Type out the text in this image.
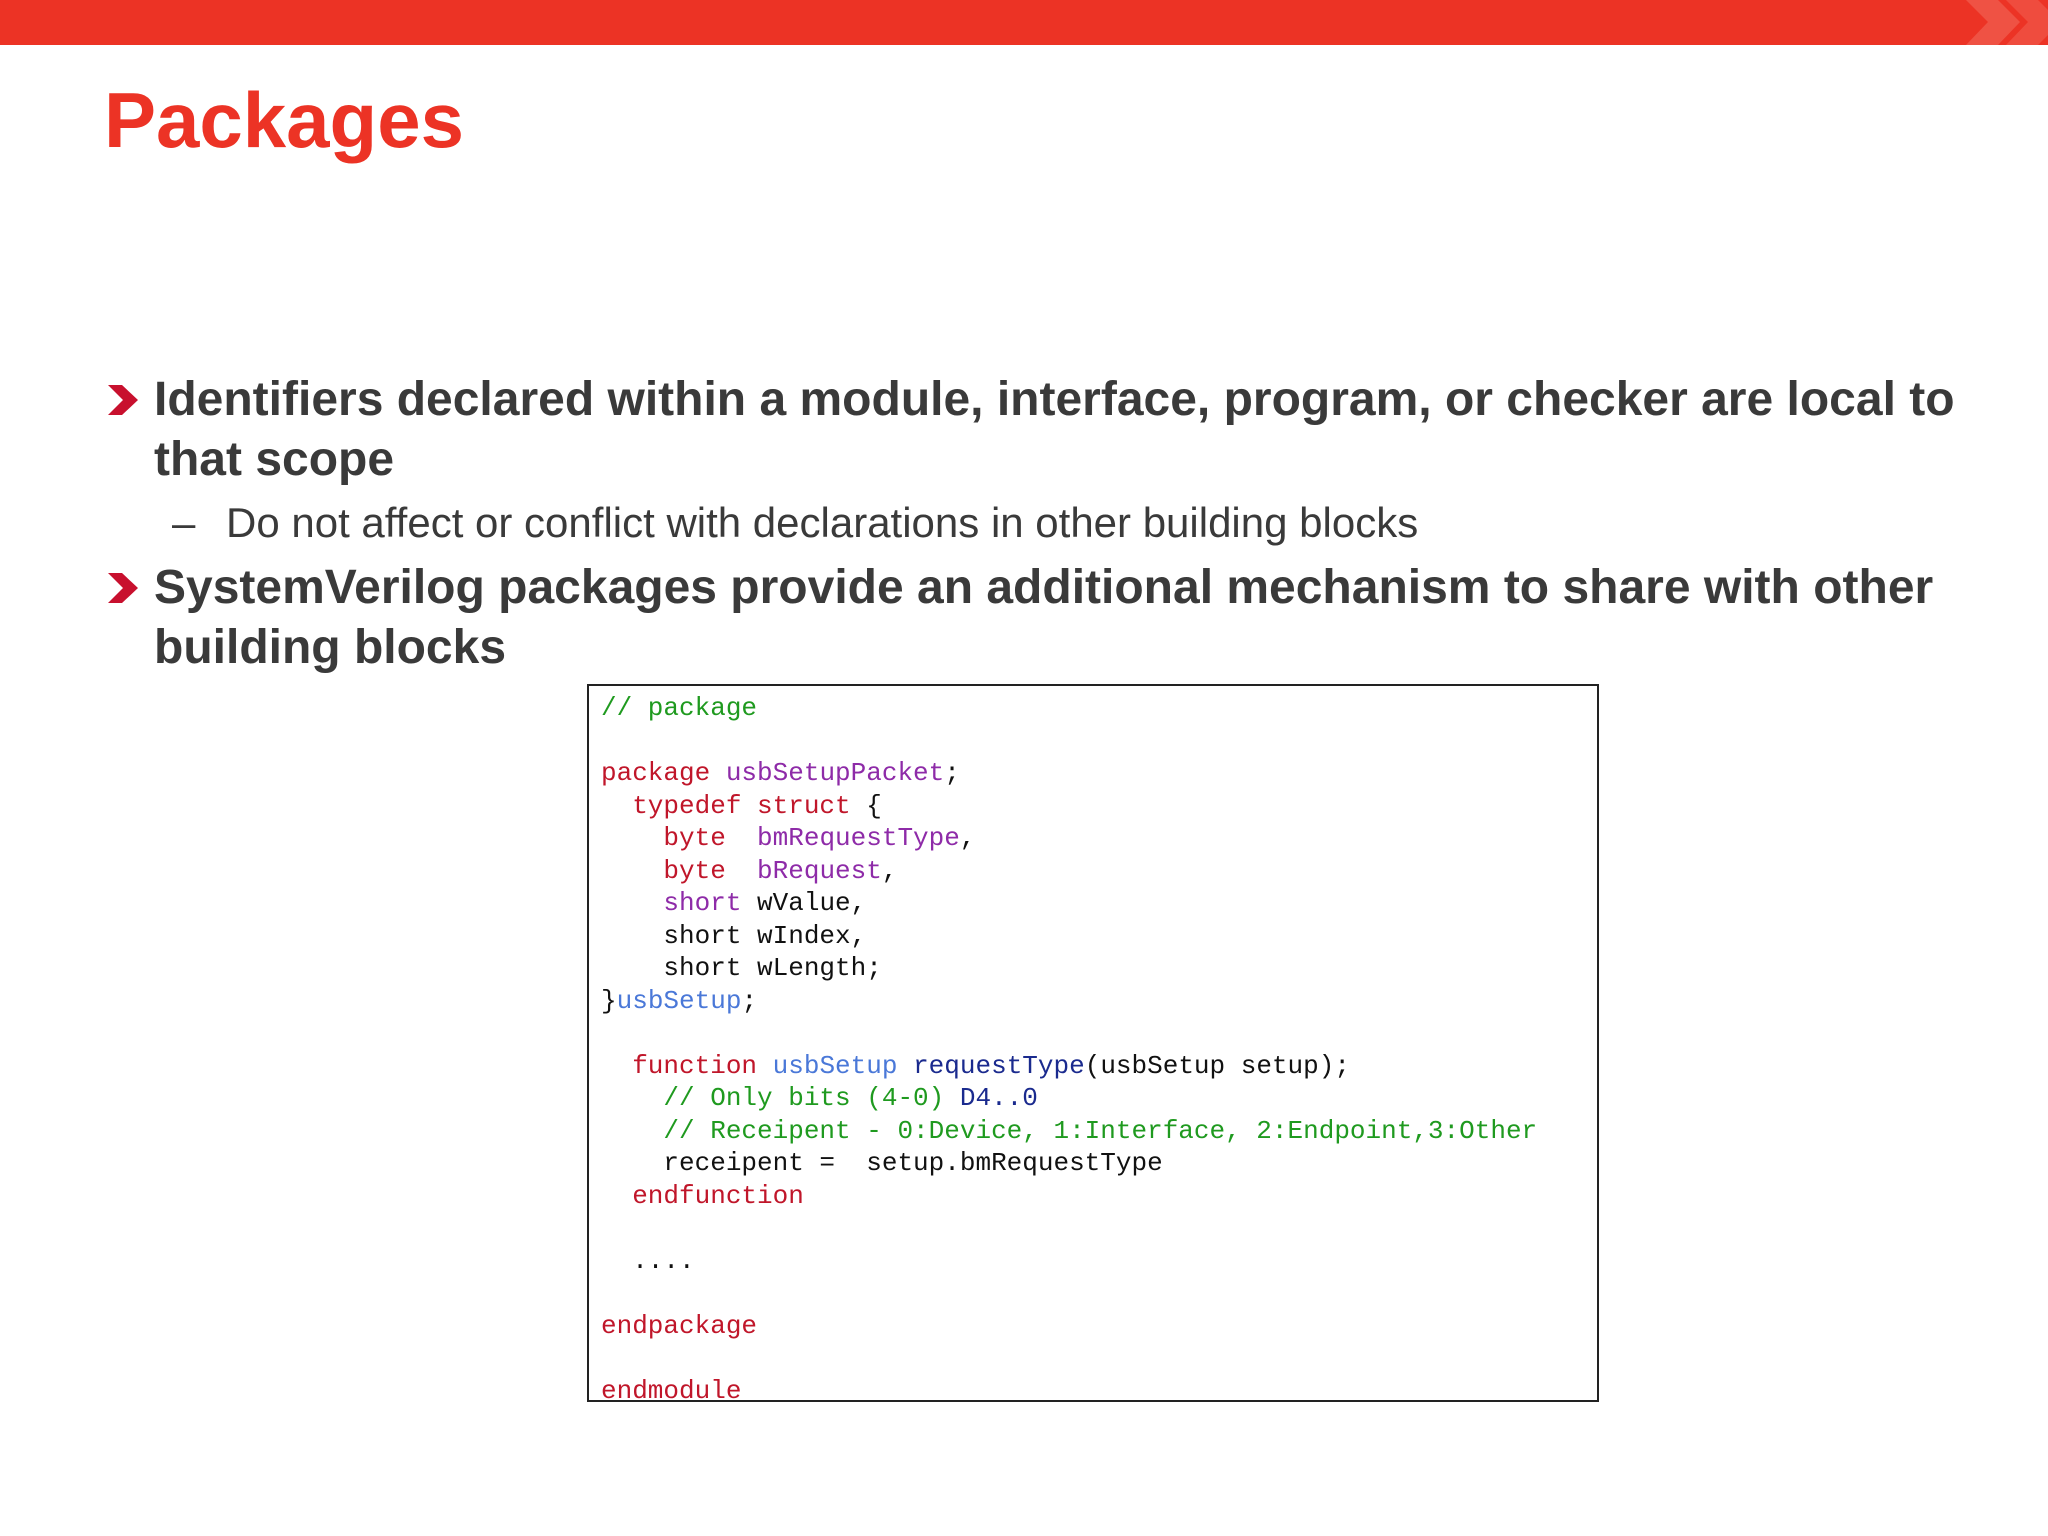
Packages
Identifiers declared within a module, interface, program, or checker are local to that scope
– Do not affect or conflict with declarations in other building blocks
SystemVerilog packages provide an additional mechanism to share with other building blocks
// package
package usbSetupPacket;
typedef struct {
byte  bmRequestType,
byte  bRequest,
short wValue,
short wIndex,
short wLength;
}usbSetup;
function usbSetup requestType(usbSetup setup);
// Only bits (4-0) D4..0
// Receipent - 0:Device, 1:Interface, 2:Endpoint,3:Other
receipent =  setup.bmRequestType
endfunction
....
endpackage
endmodule
